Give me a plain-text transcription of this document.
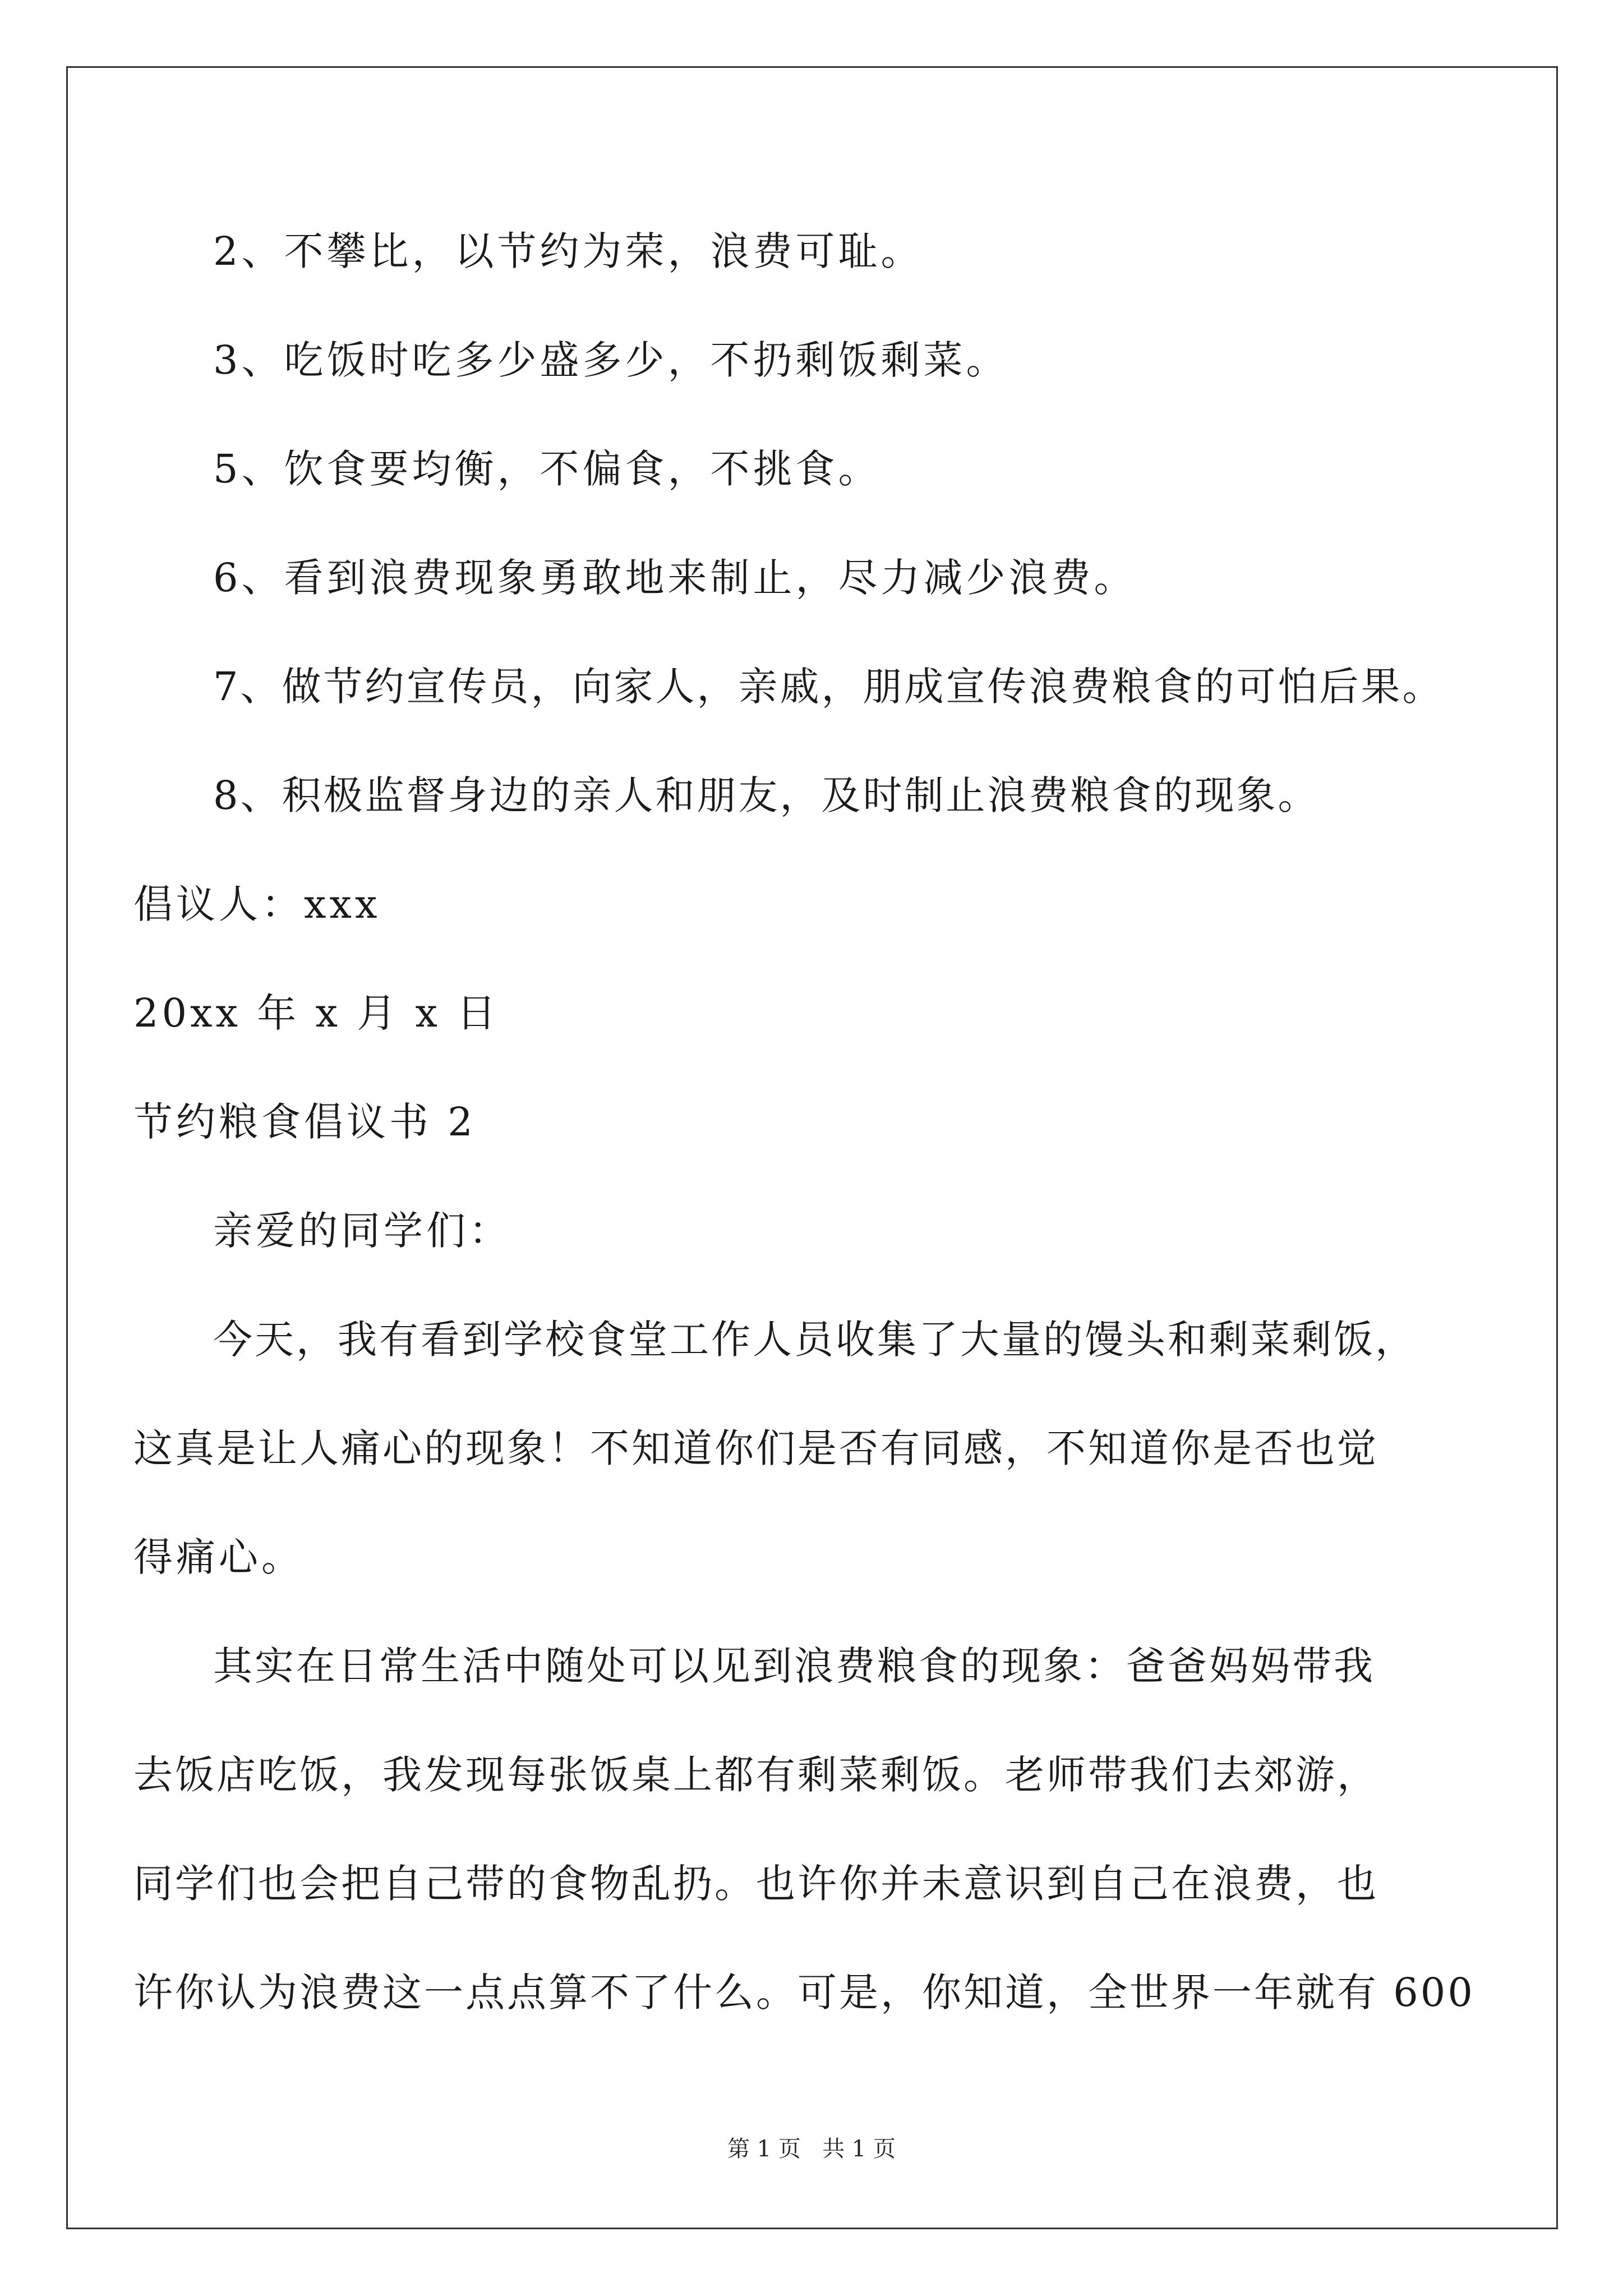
2、不攀比，以节约为荣，浪费可耻。
3、吃饭时吃多少盛多少，不扔剩饭剩菜。
5、饮食要均衡，不偏食，不挑食。
6、看到浪费现象勇敢地来制止，尽力减少浪费。
7、做节约宣传员，向家人，亲戚，朋成宣传浪费粮食的可怕后果。
8、积极监督身边的亲人和朋友，及时制止浪费粮食的现象。
倡议人：xxx
20xx 年 x 月 x 日
节约粮食倡议书 2
亲爱的同学们：
今天，我有看到学校食堂工作人员收集了大量的馒头和剩菜剩饭，
这真是让人痛心的现象！不知道你们是否有同感，不知道你是否也觉
得痛心。
其实在日常生活中随处可以见到浪费粮食的现象：爸爸妈妈带我
去饭店吃饭，我发现每张饭桌上都有剩菜剩饭。老师带我们去郊游，
同学们也会把自己带的食物乱扔。也许你并未意识到自己在浪费，也
许你认为浪费这一点点算不了什么。可是，你知道，全世界一年就有 600
第 1 页   共 1 页
